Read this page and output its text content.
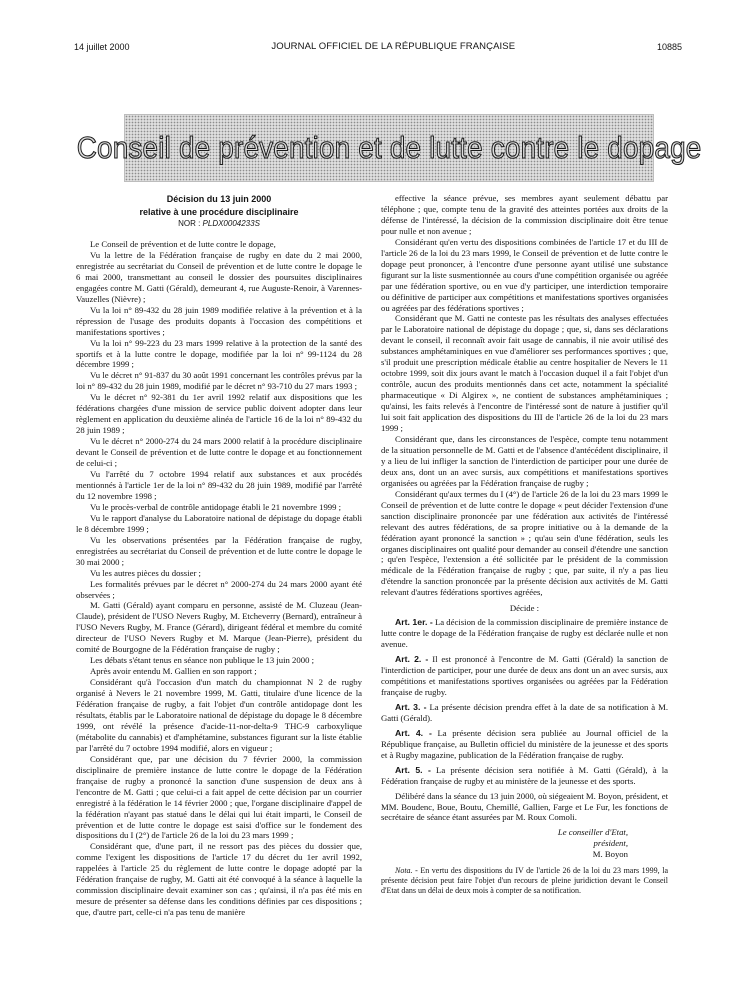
14 juillet 2000	JOURNAL OFFICIEL DE LA RÉPUBLIQUE FRANÇAISE	10885
Conseil de prévention et de lutte contre le dopage
Décision du 13 juin 2000
relative à une procédure disciplinaire
NOR : PLDX0004233S

Le Conseil de prévention et de lutte contre le dopage,

Vu la lettre de la Fédération française de rugby en date du 2 mai 2000, enregistrée au secrétariat du Conseil de prévention et de lutte contre le dopage le 6 mai 2000, transmettant au conseil le dossier des poursuites disciplinaires engagées contre M. Gatti (Gérald), demeurant 4, rue Auguste-Renoir, à Varennes-Vauzelles (Nièvre) ;

Vu la loi n° 89-432 du 28 juin 1989 modifiée relative à la prévention et à la répression de l'usage des produits dopants à l'occasion des compétitions et manifestations sportives ;

Vu la loi n° 99-223 du 23 mars 1999 relative à la protection de la santé des sportifs et à la lutte contre le dopage, modifiée par la loi n° 99-1124 du 28 décembre 1999 ;

Vu le décret n° 91-837 du 30 août 1991 concernant les contrôles prévus par la loi n° 89-432 du 28 juin 1989, modifié par le décret n° 93-710 du 27 mars 1993 ;

Vu le décret n° 92-381 du 1er avril 1992 relatif aux dispositions que les fédérations chargées d'une mission de service public doivent adopter dans leur règlement en application du deuxième alinéa de l'article 16 de la loi n° 89-432 du 28 juin 1989 ;

Vu le décret n° 2000-274 du 24 mars 2000 relatif à la procédure disciplinaire devant le Conseil de prévention et de lutte contre le dopage et au fonctionnement de celui-ci ;

Vu l'arrêté du 7 octobre 1994 relatif aux substances et aux procédés mentionnés à l'article 1er de la loi n° 89-432 du 28 juin 1989, modifié par l'arrêté du 12 novembre 1998 ;

Vu le procès-verbal de contrôle antidopage établi le 21 novembre 1999 ;

Vu le rapport d'analyse du Laboratoire national de dépistage du dopage établi le 8 décembre 1999 ;

Vu les observations présentées par la Fédération française de rugby, enregistrées au secrétariat du Conseil de prévention et de lutte contre le dopage le 30 mai 2000 ;

Vu les autres pièces du dossier ;

Les formalités prévues par le décret n° 2000-274 du 24 mars 2000 ayant été observées ;

M. Gatti (Gérald) ayant comparu en personne, assisté de M. Cluzeau (Jean-Claude), président de l'USO Nevers Rugby, M. Etcheverry (Bernard), entraîneur à l'USO Nevers Rugby, M. France (Gérard), dirigeant fédéral et membre du comité directeur de l'USO Nevers Rugby et M. Marque (Jean-Pierre), président du comité de Bourgogne de la Fédération française de rugby ;

Les débats s'étant tenus en séance non publique le 13 juin 2000 ;

Après avoir entendu M. Gallien en son rapport ;

Considérant qu'à l'occasion d'un match du championnat N 2 de rugby organisé à Nevers le 21 novembre 1999, M. Gatti, titulaire d'une licence de la Fédération française de rugby, a fait l'objet d'un contrôle antidopage dont les résultats, établis par le Laboratoire national de dépistage du dopage le 8 décembre 1999, ont révélé la présence d'acide-11-nor-delta-9 THC-9 carboxylique (métabolite du cannabis) et d'amphétamine, substances figurant sur la liste établie par l'arrêté du 7 octobre 1994 modifié, alors en vigueur ;

Considérant que, par une décision du 7 février 2000, la commission disciplinaire de première instance de lutte contre le dopage de la Fédération française de rugby a prononcé la sanction d'une suspension de deux ans à l'encontre de M. Gatti ; que celui-ci a fait appel de cette décision par un courrier enregistré à la fédération le 14 février 2000 ; que, l'organe disciplinaire d'appel de la fédération n'ayant pas statué dans le délai qui lui était imparti, le Conseil de prévention et de lutte contre le dopage est saisi d'office sur le fondement des dispositions du I (2°) de l'article 26 de la loi du 23 mars 1999 ;

Considérant que, d'une part, il ne ressort pas des pièces du dossier que, comme l'exigent les dispositions de l'article 17 du décret du 1er avril 1992, rappelées à l'article 25 du règlement de lutte contre le dopage adopté par la Fédération française de rugby, M. Gatti ait été convoqué à la séance à laquelle la commission disciplinaire devait examiner son cas ; qu'ainsi, il n'a pas été mis en mesure de présenter sa défense dans les conditions définies par ces dispositions ; que, d'autre part, celle-ci n'a pas tenu de manière

effective la séance prévue, ses membres ayant seulement débattu par téléphone ; que, compte tenu de la gravité des atteintes portées aux droits de la défense de l'intéressé, la décision de la commission disciplinaire doit être tenue pour nulle et non avenue ;

Considérant qu'en vertu des dispositions combinées de l'article 17 et du III de l'article 26 de la loi du 23 mars 1999, le Conseil de prévention et de lutte contre le dopage peut prononcer, à l'encontre d'une personne ayant utilisé une substance figurant sur la liste susmentionnée au cours d'une compétition organisée ou agréée par une fédération sportive, ou en vue d'y participer, une interdiction temporaire ou définitive de participer aux compétitions et manifestations sportives organisées ou agréées par des fédérations sportives ;

Considérant que M. Gatti ne conteste pas les résultats des analyses effectuées par le Laboratoire national de dépistage du dopage ; que, si, dans ses déclarations devant le conseil, il reconnaît avoir fait usage de cannabis, il nie avoir utilisé des substances amphétaminiques en vue d'améliorer ses performances sportives ; que, s'il produit une prescription médicale établie au centre hospitalier de Nevers le 11 octobre 1999, soit dix jours avant le match à l'occasion duquel il a fait l'objet d'un contrôle, aucun des produits mentionnés dans cet acte, notamment la spécialité pharmaceutique « Di Algirex », ne contient de substances amphétaminiques ; qu'ainsi, les faits relevés à l'encontre de l'intéressé sont de nature à justifier qu'il lui soit fait application des dispositions du III de l'article 26 de la loi du 23 mars 1999 ;

Considérant que, dans les circonstances de l'espèce, compte tenu notamment de la situation personnelle de M. Gatti et de l'absence d'antécédent disciplinaire, il y a lieu de lui infliger la sanction de l'interdiction de participer pour une durée de deux ans, dont un an avec sursis, aux compétitions et manifestations sportives organisées ou agréées par la Fédération française de rugby ;

Considérant qu'aux termes du I (4°) de l'article 26 de la loi du 23 mars 1999 le Conseil de prévention et de lutte contre le dopage « peut décider l'extension d'une sanction disciplinaire prononcée par une fédération aux activités de l'intéressé relevant des autres fédérations, de sa propre initiative ou à la demande de la fédération ayant prononcé la sanction » ; qu'au sein d'une fédération, seuls les organes disciplinaires ont qualité pour demander au conseil d'étendre une sanction ; qu'en l'espèce, l'extension a été sollicitée par le président de la commission médicale de la Fédération française de rugby ; que, par suite, il n'y a pas lieu d'étendre la sanction prononcée par la présente décision aux activités de M. Gatti relevant d'autres fédérations sportives agréées,

Décide :

Art. 1er. - La décision de la commission disciplinaire de première instance de lutte contre le dopage de la Fédération française de rugby est déclarée nulle et non avenue.

Art. 2. - Il est prononcé à l'encontre de M. Gatti (Gérald) la sanction de l'interdiction de participer, pour une durée de deux ans dont un an avec sursis, aux compétitions et manifestations sportives organisées ou agréées par la Fédération française de rugby.

Art. 3. - La présente décision prendra effet à la date de sa notification à M. Gatti (Gérald).

Art. 4. - La présente décision sera publiée au Journal officiel de la République française, au Bulletin officiel du ministère de la jeunesse et des sports et à Rugby magazine, publication de la Fédération française de rugby.

Art. 5. - La présente décision sera notifiée à M. Gatti (Gérald), à la Fédération française de rugby et au ministère de la jeunesse et des sports.

Délibéré dans la séance du 13 juin 2000, où siégeaient M. Boyon, président, et MM. Boudenc, Boue, Boutu, Chemillé, Gallien, Farge et Le Fur, les fonctions de secrétaire de séance étant assurées par M. Roux Comoli.

Le conseiller d'Etat,
président,
M. Boyon
Nota. - En vertu des dispositions du IV de l'article 26 de la loi du 23 mars 1999, la présente décision peut faire l'objet d'un recours de pleine juridiction devant le Conseil d'Etat dans un délai de deux mois à compter de sa notification.
